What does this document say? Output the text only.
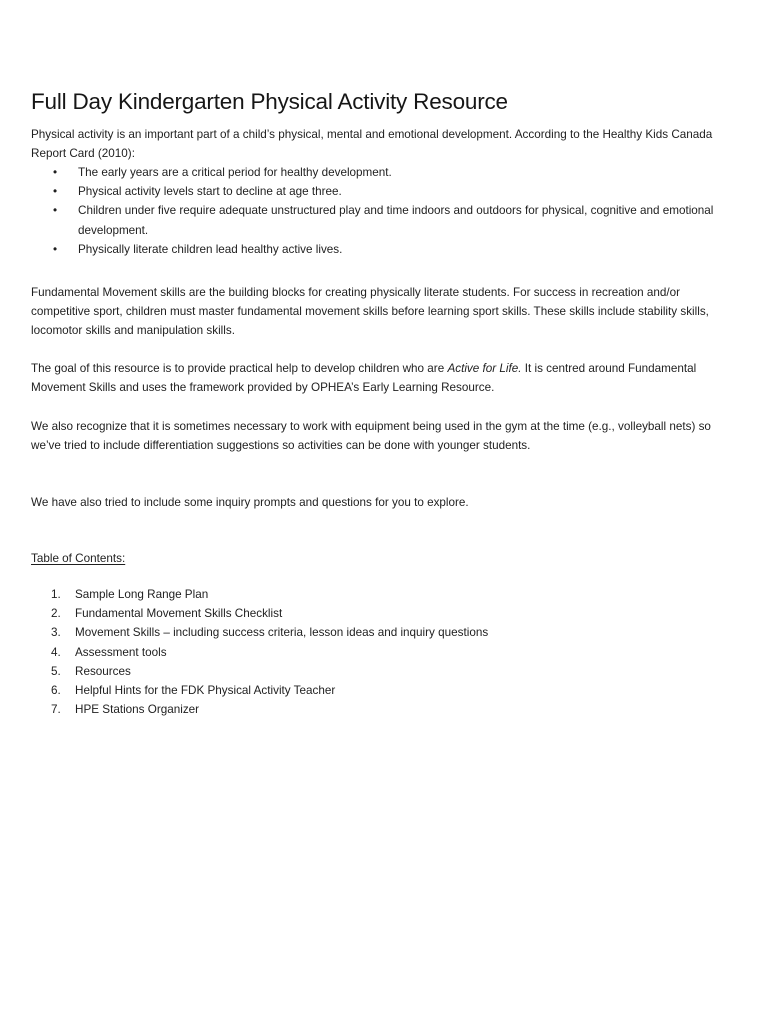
Full Day Kindergarten Physical Activity Resource

Physical activity is an important part of a child’s physical, mental and emotional development. According to the Healthy Kids Canada Report Card (2010):

• The early years are a critical period for healthy development.
• Physical activity levels start to decline at age three.
• Children under five require adequate unstructured play and time indoors and outdoors for physical, cognitive and emotional development.
• Physically literate children lead healthy active lives.

Fundamental Movement skills are the building blocks for creating physically literate students. For success in recreation and/or competitive sport, children must master fundamental movement skills before learning sport skills. These skills include stability skills, locomotor skills and manipulation skills.

The goal of this resource is to provide practical help to develop children who are Active for Life. It is centred around Fundamental Movement Skills and uses the framework provided by OPHEA’s Early Learning Resource.

We also recognize that it is sometimes necessary to work with equipment being used in the gym at the time (e.g., volleyball nets) so we’ve tried to include differentiation suggestions so activities can be done with younger students.

We have also tried to include some inquiry prompts and questions for you to explore.

Table of Contents:
1. Sample Long Range Plan
2. Fundamental Movement Skills Checklist
3. Movement Skills – including success criteria, lesson ideas and inquiry questions
4. Assessment tools
5. Resources
6. Helpful Hints for the FDK Physical Activity Teacher
7. HPE Stations Organizer
